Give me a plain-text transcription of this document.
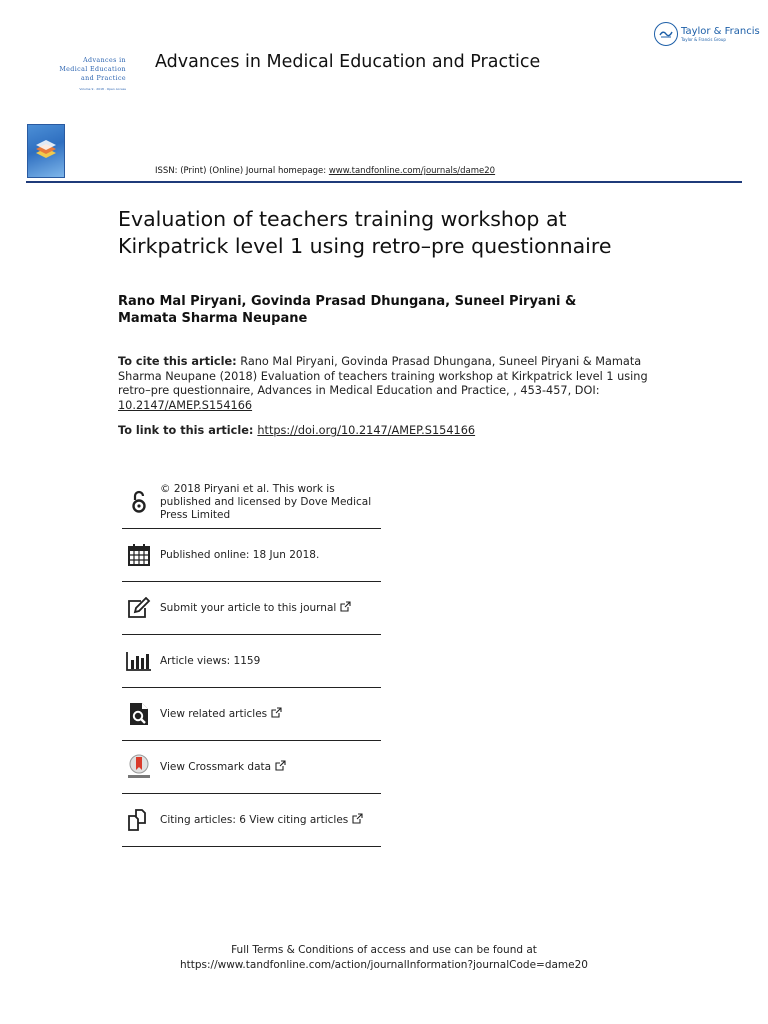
Taylor & Francis
Taylor & Francis Group
Advances in
Medical Education
and Practice
Volume 9 · 2018 · Open Access
Advances in Medical Education and Practice
ISSN: (Print) (Online) Journal homepage: www.tandfonline.com/journals/dame20
Evaluation of teachers training workshop at Kirkpatrick level 1 using retro–pre questionnaire
Rano Mal Piryani, Govinda Prasad Dhungana, Suneel Piryani & Mamata Sharma Neupane
To cite this article: Rano Mal Piryani, Govinda Prasad Dhungana, Suneel Piryani & Mamata Sharma Neupane (2018) Evaluation of teachers training workshop at Kirkpatrick level 1 using retro–pre questionnaire, Advances in Medical Education and Practice, , 453-457, DOI: 10.2147/AMEP.S154166
To link to this article: https://doi.org/10.2147/AMEP.S154166
© 2018 Piryani et al. This work is published and licensed by Dove Medical Press Limited
Published online: 18 Jun 2018.
Submit your article to this journal
Article views: 1159
View related articles
View Crossmark data
Citing articles: 6 View citing articles
Full Terms & Conditions of access and use can be found at
https://www.tandfonline.com/action/journalInformation?journalCode=dame20
